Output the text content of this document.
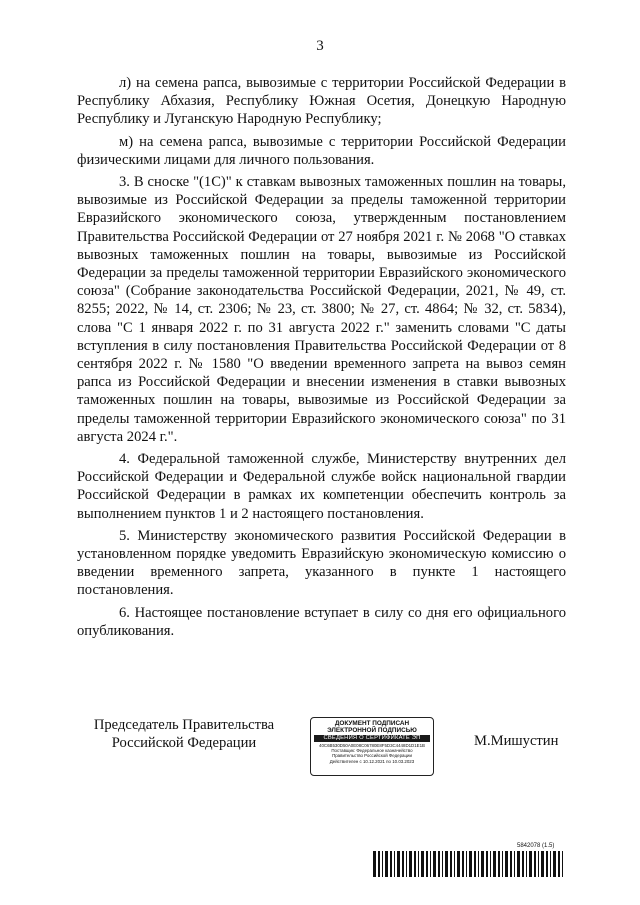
3

л) на семена рапса, вывозимые с территории Российской Федерации в Республику Абхазия, Республику Южная Осетия, Донецкую Народную Республику и Луганскую Народную Республику;

м) на семена рапса, вывозимые с территории Российской Федерации физическими лицами для личного пользования.

3. В сноске "(1С)" к ставкам вывозных таможенных пошлин на товары, вывозимые из Российской Федерации за пределы таможенной территории Евразийского экономического союза, утвержденным постановлением Правительства Российской Федерации от 27 ноября 2021 г. № 2068 "О ставках вывозных таможенных пошлин на товары, вывозимые из Российской Федерации за пределы таможенной территории Евразийского экономического союза" (Собрание законодательства Российской Федерации, 2021, № 49, ст. 8255; 2022, № 14, ст. 2306; № 23, ст. 3800; № 27, ст. 4864; № 32, ст. 5834), слова "С 1 января 2022 г. по 31 августа 2022 г." заменить словами "С даты вступления в силу постановления Правительства Российской Федерации от 8 сентября 2022 г. № 1580 "О введении временного запрета на вывоз семян рапса из Российской Федерации и внесении изменения в ставки вывозных таможенных пошлин на товары, вывозимые из Российской Федерации за пределы таможенной территории Евразийского экономического союза" по 31 августа 2024 г.".

4. Федеральной таможенной службе, Министерству внутренних дел Российской Федерации и Федеральной службе войск национальной гвардии Российской Федерации в рамках их компетенции обеспечить контроль за выполнением пунктов 1 и 2 настоящего постановления.

5. Министерству экономического развития Российской Федерации в установленном порядке уведомить Евразийскую экономическую комиссию о введении временного запрета, указанного в пункте 1 настоящего постановления.

6. Настоящее постановление вступает в силу со дня его официального опубликования.

Председатель Правительства
Российской Федерации
ДОКУМЕНТ ПОДПИСАН
ЭЛЕКТРОННОЙ ПОДПИСЬЮ
СВЕДЕНИЯ О СЕРТИФИКАТЕ ЭП
40C6B530D50A0E08C06780E8F5D3C4448D1D1E1B
Поставщик: Федеральное казначейство
Правительство Российской Федерации
Действителен с 10.12.2021 по 10.03.2023
М.Мишустин
5842078 (1.5)
